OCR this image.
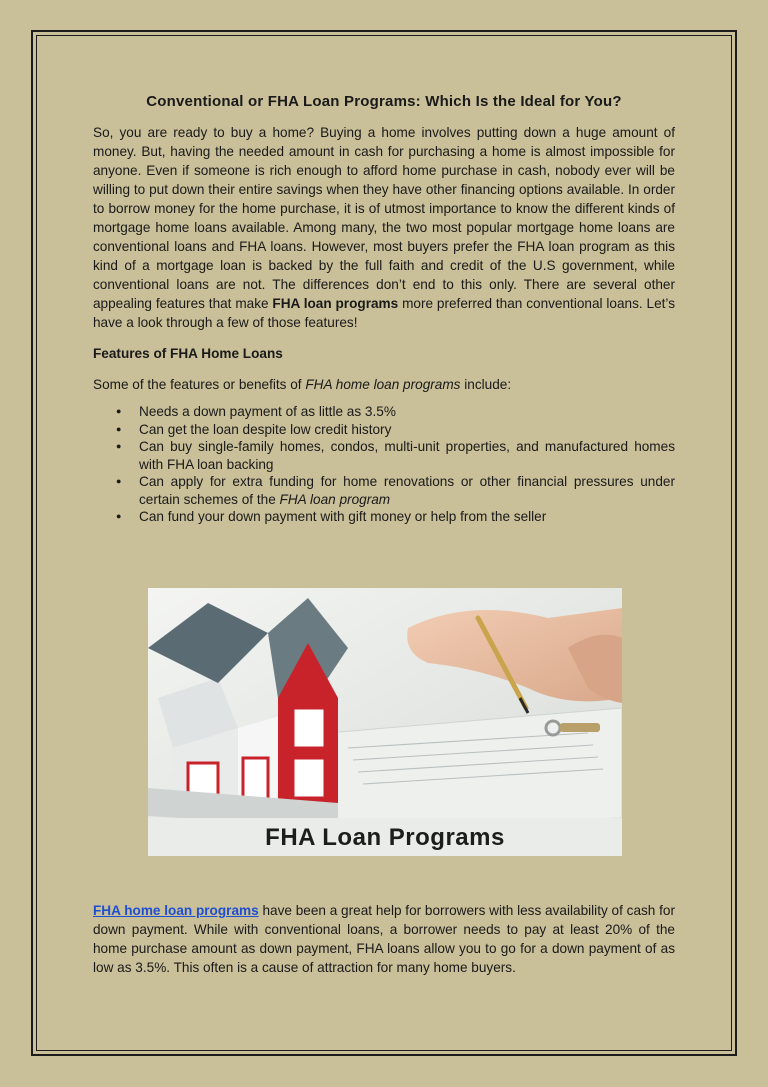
Conventional or FHA Loan Programs: Which Is the Ideal for You?

So, you are ready to buy a home? Buying a home involves putting down a huge amount of money. But, having the needed amount in cash for purchasing a home is almost impossible for anyone. Even if someone is rich enough to afford home purchase in cash, nobody ever will be willing to put down their entire savings when they have other financing options available. In order to borrow money for the home purchase, it is of utmost importance to know the different kinds of mortgage home loans available. Among many, the two most popular mortgage home loans are conventional loans and FHA loans. However, most buyers prefer the FHA loan program as this kind of a mortgage loan is backed by the full faith and credit of the U.S government, while conventional loans are not. The differences don’t end to this only. There are several other appealing features that make FHA loan programs more preferred than conventional loans. Let’s have a look through a few of those features!

Features of FHA Home Loans

Some of the features or benefits of FHA home loan programs include:

● Needs a down payment of as little as 3.5%
● Can get the loan despite low credit history
● Can buy single-family homes, condos, multi-unit properties, and manufactured homes with FHA loan backing
● Can apply for extra funding for home renovations or other financial pressures under certain schemes of the FHA loan program
● Can fund your down payment with gift money or help from the seller
FHA Loan Programs

FHA home loan programs have been a great help for borrowers with less availability of cash for down payment. While with conventional loans, a borrower needs to pay at least 20% of the home purchase amount as down payment, FHA loans allow you to go for a down payment of as low as 3.5%. This often is a cause of attraction for many home buyers.
